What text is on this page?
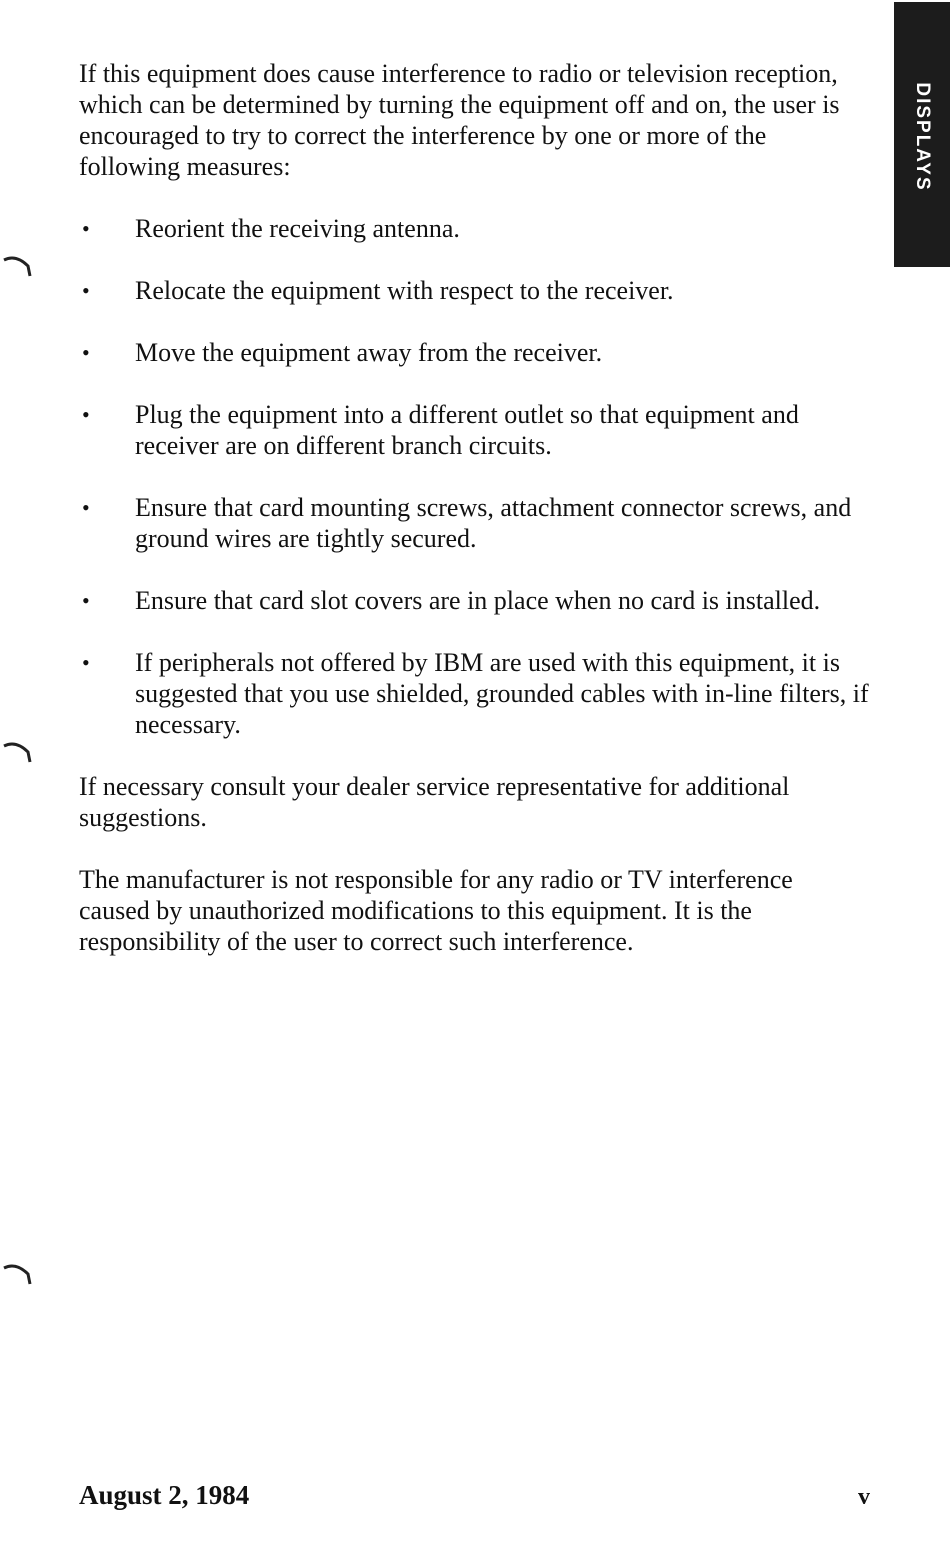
DISPLAYS

If this equipment does cause interference to radio or television reception, which can be determined by turning the equipment off and on, the user is encouraged to try to correct the interference by one or more of the following measures:

• Reorient the receiving antenna.
• Relocate the equipment with respect to the receiver.
• Move the equipment away from the receiver.
• Plug the equipment into a different outlet so that equipment and receiver are on different branch circuits.
• Ensure that card mounting screws, attachment connector screws, and ground wires are tightly secured.
• Ensure that card slot covers are in place when no card is installed.
• If peripherals not offered by IBM are used with this equipment, it is suggested that you use shielded, grounded cables with in-line filters, if necessary.

If necessary consult your dealer service representative for additional suggestions.

The manufacturer is not responsible for any radio or TV interference caused by unauthorized modifications to this equipment. It is the responsibility of the user to correct such interference.

August 2, 1984	v
